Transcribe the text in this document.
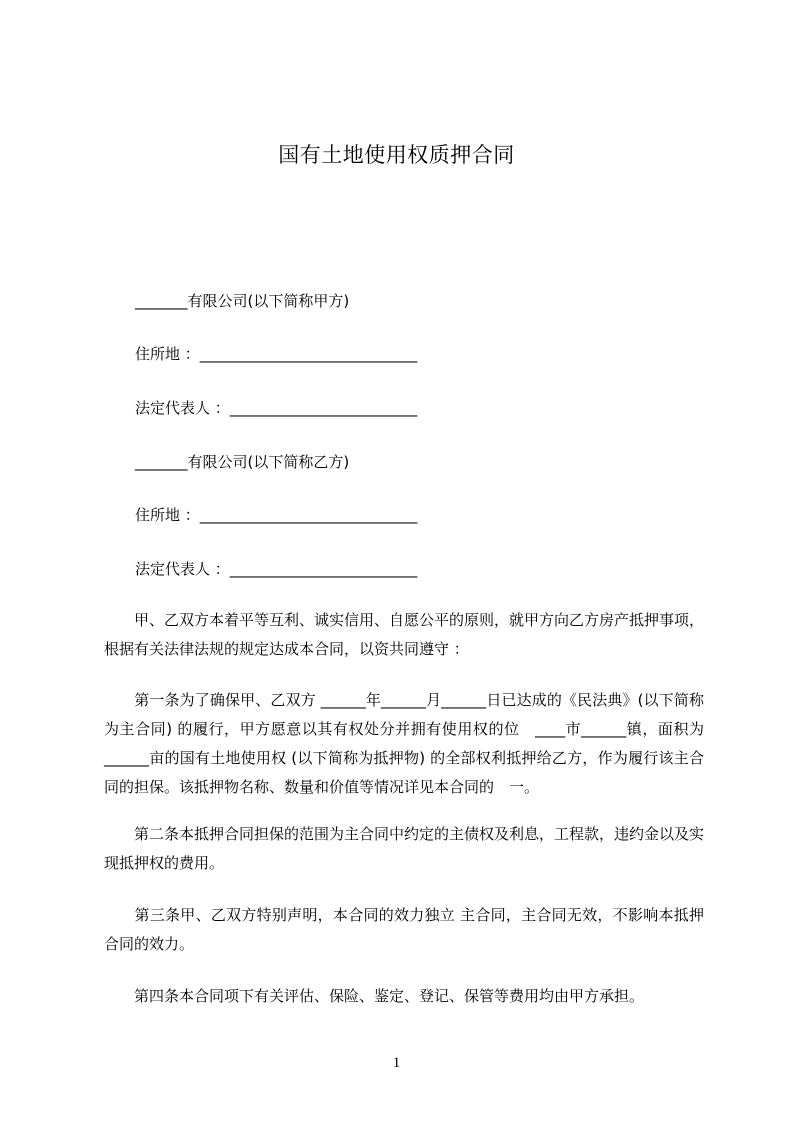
国有土地使用权质押合同
_______有限公司(以下简称甲方)
住所地 ：_____________________________
法定代表人 ：_________________________
_______有限公司(以下简称乙方)
住所地 ：_____________________________
法定代表人 ：_________________________
　　甲、乙双方本着平等互利、诚实信用、自愿公平的原则，就甲方向乙方房产抵押事项，根据有关法律法规的规定达成本合同，以资共同遵守 ：
　　第一条为了确保甲、乙双方 ______年______月______日已达成的《民法典》(以下简称为主合同) 的履行，甲方愿意以其有权处分并拥有使用权的位　____市______镇，面积为______亩的国有土地使用权 (以下简称为抵押物) 的全部权利抵押给乙方，作为履行该主合同的担保。该抵押物名称、数量和价值等情况详见本合同的　一。
　　第二条本抵押合同担保的范围为主合同中约定的主债权及利息，工程款，违约金以及实现抵押权的费用。
　　第三条甲、乙双方特别声明，本合同的效力独立 主合同，主合同无效，不影响本抵押合同的效力。
　　第四条本合同项下有关评估、保险、鉴定、登记、保管等费用均由甲方承担。
1
